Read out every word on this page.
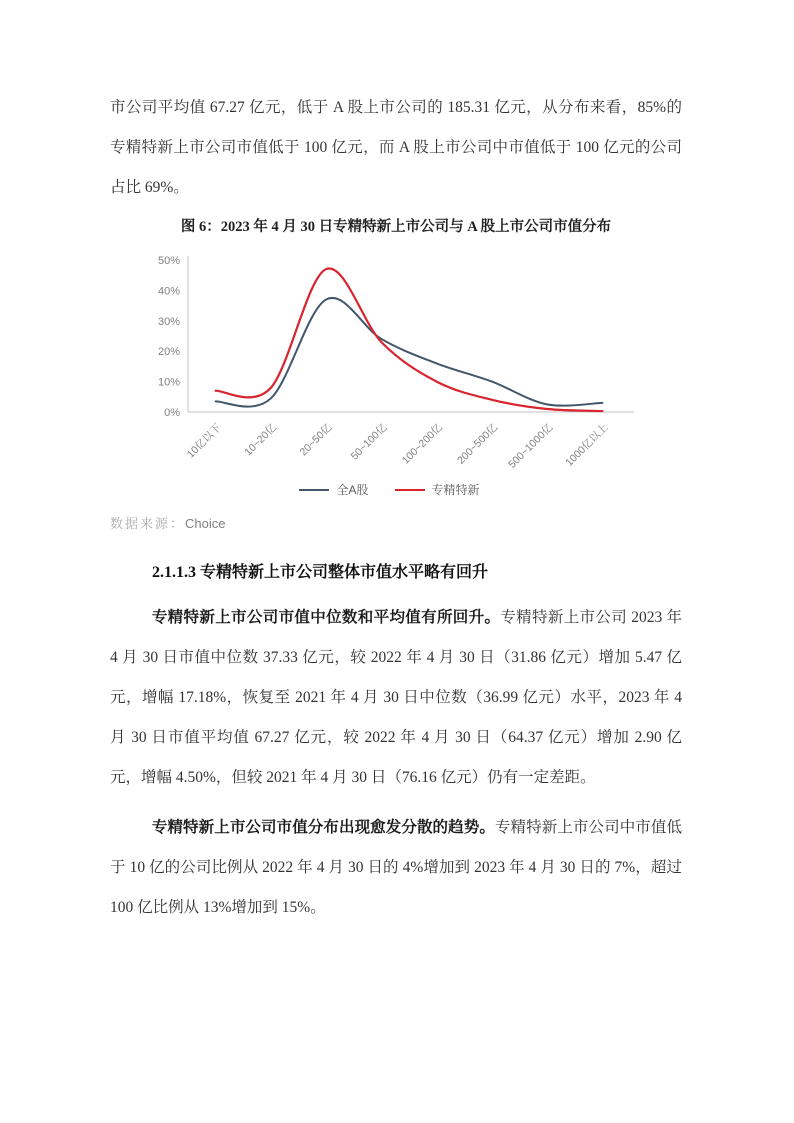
市公司平均值 67.27 亿元，低于 A 股上市公司的 185.31 亿元，从分布来看，85%的专精特新上市公司市值低于 100 亿元，而 A 股上市公司中市值低于 100 亿元的公司占比 69%。

图 6：2023 年 4 月 30 日专精特新上市公司与 A 股上市公司市值分布
0%
10%
20%
30%
40%
50%
10亿以下 10~20亿 20~50亿 50~100亿 100~200亿 200~500亿 500~1000亿 1000亿以上
全A股	专精特新
数据来源：Choice
2.1.1.3 专精特新上市公司整体市值水平略有回升

专精特新上市公司市值中位数和平均值有所回升。专精特新上市公司 2023 年 4 月 30 日市值中位数 37.33 亿元，较 2022 年 4 月 30 日（31.86 亿元）增加 5.47 亿元，增幅 17.18%，恢复至 2021 年 4 月 30 日中位数（36.99 亿元）水平，2023 年 4 月 30 日市值平均值 67.27 亿元，较 2022 年 4 月 30 日（64.37 亿元）增加 2.90 亿元，增幅 4.50%，但较 2021 年 4 月 30 日（76.16 亿元）仍有一定差距。

专精特新上市公司市值分布出现愈发分散的趋势。专精特新上市公司中市值低于 10 亿的公司比例从 2022 年 4 月 30 日的 4%增加到 2023 年 4 月 30 日的 7%，超过 100 亿比例从 13%增加到 15%。
